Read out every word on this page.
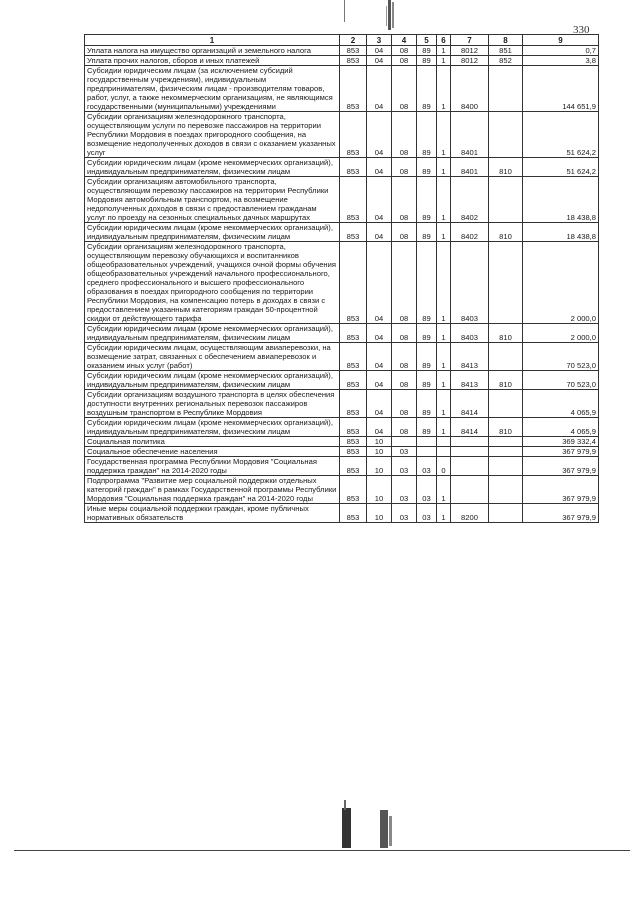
330
1	2	3	4	5	6	7	8	9
Уплата налога на имущество организаций и земельного налога	853	04	08	89	1	8012	851	0,7
Уплата прочих налогов, сборов и иных платежей	853	04	08	89	1	8012	852	3,8
Субсидии юридическим лицам (за исключением субсидий государственным учреждениям), индивидуальным предпринимателям, физическим лицам - производителям товаров, работ, услуг, а также некоммерческим организациям, не являющимся государственными (муниципальными) учреждениями	853	04	08	89	1	8400		144 651,9
Субсидии организациям железнодорожного транспорта, осуществляющим услуги по перевозке пассажиров на территории Республики Мордовия в поездах пригородного сообщения, на возмещение недополученных доходов в связи с оказанием указанных услуг	853	04	08	89	1	8401		51 624,2
Субсидии юридическим лицам (кроме некоммерческих организаций), индивидуальным предпринимателям, физическим лицам	853	04	08	89	1	8401	810	51 624,2
Субсидии организациям автомобильного транспорта, осуществляющим перевозку пассажиров на территории Республики Мордовия автомобильным транспортом, на возмещение недополученных доходов в связи с предоставлением гражданам услуг по проезду на сезонных специальных дачных маршрутах	853	04	08	89	1	8402		18 438,8
Субсидии юридическим лицам (кроме некоммерческих организаций), индивидуальным предпринимателям, физическим лицам	853	04	08	89	1	8402	810	18 438,8
Субсидии организациям железнодорожного транспорта, осуществляющим перевозку обучающихся и воспитанников общеобразовательных учреждений, учащихся очной формы обучения общеобразовательных учреждений начального профессионального, среднего профессионального и высшего профессионального образования в поездах пригородного сообщения по территории Республики Мордовия, на компенсацию потерь в доходах в связи с предоставлением указанным категориям граждан 50-процентной скидки от действующего тарифа	853	04	08	89	1	8403		2 000,0
Субсидии юридическим лицам (кроме некоммерческих организаций), индивидуальным предпринимателям, физическим лицам	853	04	08	89	1	8403	810	2 000,0
Субсидии юридическим лицам, осуществляющим авиаперевозки, на возмещение затрат, связанных с обеспечением авиаперевозок и оказанием иных услуг (работ)	853	04	08	89	1	8413		70 523,0
Субсидии юридическим лицам (кроме некоммерческих организаций), индивидуальным предпринимателям, физическим лицам	853	04	08	89	1	8413	810	70 523,0
Субсидии организациям воздушного транспорта в целях обеспечения доступности внутренних региональных перевозок пассажиров воздушным транспортом в Республике Мордовия	853	04	08	89	1	8414		4 065,9
Субсидии юридическим лицам (кроме некоммерческих организаций), индивидуальным предпринимателям, физическим лицам	853	04	08	89	1	8414	810	4 065,9
Социальная политика	853	10						369 332,4
Социальное обеспечение населения	853	10	03					367 979,9
Государственная программа Республики Мордовия "Социальная поддержка граждан" на 2014-2020 годы	853	10	03	03	0			367 979,9
Подпрограмма "Развитие мер социальной поддержки отдельных категорий граждан" в рамках Государственной программы Республики Мордовия "Социальная поддержка граждан" на 2014-2020 годы	853	10	03	03	1			367 979,9
Иные меры социальной поддержки граждан, кроме публичных нормативных обязательств	853	10	03	03	1	8200		367 979,9
